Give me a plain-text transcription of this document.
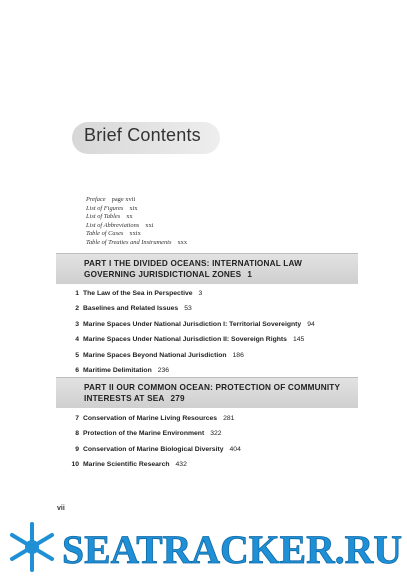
Brief Contents
Preface page xvii
List of Figures xix
List of Tables xx
List of Abbreviations xxi
Table of Cases xxix
Table of Treaties and Instruments xxx
PART I THE DIVIDED OCEANS: INTERNATIONAL LAW
GOVERNING JURISDICTIONAL ZONES 1
1 The Law of the Sea in Perspective 3
2 Baselines and Related Issues 53
3 Marine Spaces Under National Jurisdiction I: Territorial Sovereignty 94
4 Marine Spaces Under National Jurisdiction II: Sovereign Rights 145
5 Marine Spaces Beyond National Jurisdiction 186
6 Maritime Delimitation 236
PART II OUR COMMON OCEAN: PROTECTION OF COMMUNITY
INTERESTS AT SEA 279
7 Conservation of Marine Living Resources 281
8 Protection of the Marine Environment 322
9 Conservation of Marine Biological Diversity 404
10 Marine Scientific Research 432
vii
SEATRACKER.RU
